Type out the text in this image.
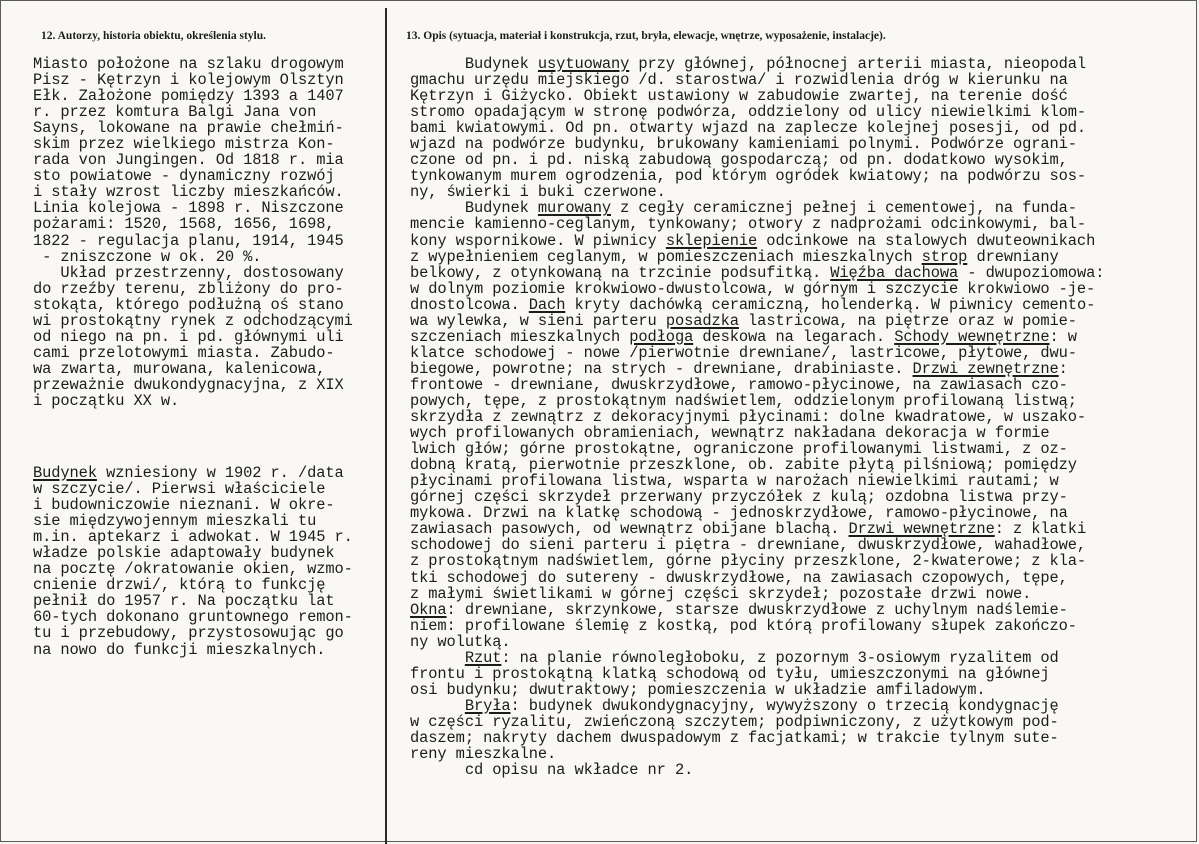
12. Autorzy, historia obiektu, określenia stylu.	13. Opis (sytuacja, materiał i konstrukcja, rzut, bryła, elewacje, wnętrze, wyposażenie, instalacje).
Miasto położone na szlaku drogowym
Pisz - Kętrzyn i kolejowym Olsztyn
Ełk. Założone pomiędzy 1393 a 1407
r. przez komtura Balgi Jana von
Sayns, lokowane na prawie chełmiń-
skim przez wielkiego mistrza Kon-
rada von Jungingen. Od 1818 r. mia
sto powiatowe - dynamiczny rozwój
i stały wzrost liczby mieszkańców.
Linia kolejowa - 1898 r. Niszczone
pożarami: 1520, 1568, 1656, 1698,
1822 - regulacja planu, 1914, 1945
- zniszczone w ok. 20 %.
Układ przestrzenny, dostosowany
do rzeźby terenu, zbliżony do pro-
stokąta, którego podłużną oś stano
wi prostokątny rynek z odchodzącymi
od niego na pn. i pd. głównymi uli
cami przelotowymi miasta. Zabudo-
wa zwarta, murowana, kalenicowa,
przeważnie dwukondygnacyjna, z XIX
i początku XX w.
Budynek wzniesiony w 1902 r. /data
w szczycie/. Pierwsi właściciele
i budowniczowie nieznani. W okre-
sie międzywojennym mieszkali tu
m.in. aptekarz i adwokat. W 1945 r.
władze polskie adaptowały budynek
na pocztę /okratowanie okien, wzmo-
cnienie drzwi/, którą to funkcję
pełnił do 1957 r. Na początku lat
60-tych dokonano gruntownego remon-
tu i przebudowy, przystosowując go
na nowo do funkcji mieszkalnych.
Budynek usytuowany przy głównej, północnej arterii miasta, nieopodal
gmachu urzędu miejskiego /d. starostwa/ i rozwidlenia dróg w kierunku na
Kętrzyn i Giżycko. Obiekt ustawiony w zabudowie zwartej, na terenie dość
stromo opadającym w stronę podwórza, oddzielony od ulicy niewielkimi klom-
bami kwiatowymi. Od pn. otwarty wjazd na zaplecze kolejnej posesji, od pd.
wjazd na podwórze budynku, brukowany kamieniami polnymi. Podwórze ograni-
czone od pn. i pd. niską zabudową gospodarczą; od pn. dodatkowo wysokim,
tynkowanym murem ogrodzenia, pod którym ogródek kwiatowy; na podwórzu sos-
ny, świerki i buki czerwone.
Budynek murowany z cegły ceramicznej pełnej i cementowej, na funda-
mencie kamienno-ceglanym, tynkowany; otwory z nadprożami odcinkowymi, bal-
kony wspornikowe. W piwnicy sklepienie odcinkowe na stalowych dwuteownikach
z wypełnieniem ceglanym, w pomieszczeniach mieszkalnych strop drewniany
belkowy, z otynkowaną na trzcinie podsufitką. Więźba dachowa - dwupoziomowa:
w dolnym poziomie krokwiowo-dwustolcowa, w górnym i szczycie krokwiowo -je-
dnostolcowa. Dach kryty dachówką ceramiczną, holenderką. W piwnicy cemento-
wa wylewka, w sieni parteru posadzka lastricowa, na piętrze oraz w pomie-
szczeniach mieszkalnych podłoga deskowa na legarach. Schody wewnętrzne: w
klatce schodowej - nowe /pierwotnie drewniane/, lastricowe, płytowe, dwu-
biegowe, powrotne; na strych - drewniane, drabiniaste. Drzwi zewnętrzne:
frontowe - drewniane, dwuskrzydłowe, ramowo-płycinowe, na zawiasach czo-
powych, tępe, z prostokątnym nadświetlem, oddzielonym profilowaną listwą;
skrzydła z zewnątrz z dekoracyjnymi płycinami: dolne kwadratowe, w uszako-
wych profilowanych obramieniach, wewnątrz nakładana dekoracja w formie
lwich głów; górne prostokątne, ograniczone profilowanymi listwami, z oz-
dobną kratą, pierwotnie przeszklone, ob. zabite płytą pilśniową; pomiędzy
płycinami profilowana listwa, wsparta w narożach niewielkimi rautami; w
górnej części skrzydeł przerwany przyczółek z kulą; ozdobna listwa przy-
mykowa. Drzwi na klatkę schodową - jednoskrzydłowe, ramowo-płycinowe, na
zawiasach pasowych, od wewnątrz obijane blachą. Drzwi wewnętrzne: z klatki
schodowej do sieni parteru i piętra - drewniane, dwuskrzydłowe, wahadłowe,
z prostokątnym nadświetlem, górne płyciny przeszklone, 2-kwaterowe; z kla-
tki schodowej do sutereny - dwuskrzydłowe, na zawiasach czopowych, tępe,
z małymi świetlikami w górnej części skrzydeł; pozostałe drzwi nowe.
Okna: drewniane, skrzynkowe, starsze dwuskrzydłowe z uchylnym nadślemie-
niem: profilowane ślemię z kostką, pod którą profilowany słupek zakończo-
ny wolutką.
Rzut: na planie równoległoboku, z pozornym 3-osiowym ryzalitem od
frontu i prostokątną klatką schodową od tyłu, umieszczonymi na głównej
osi budynku; dwutraktowy; pomieszczenia w układzie amfiladowym.
Bryła: budynek dwukondygnacyjny, wywyższony o trzecią kondygnację
w części ryzalitu, zwieńczoną szczytem; podpiwniczony, z użytkowym pod-
daszem; nakryty dachem dwuspadowym z facjatkami; w trakcie tylnym sute-
reny mieszkalne.
cd opisu na wkładce nr 2.
